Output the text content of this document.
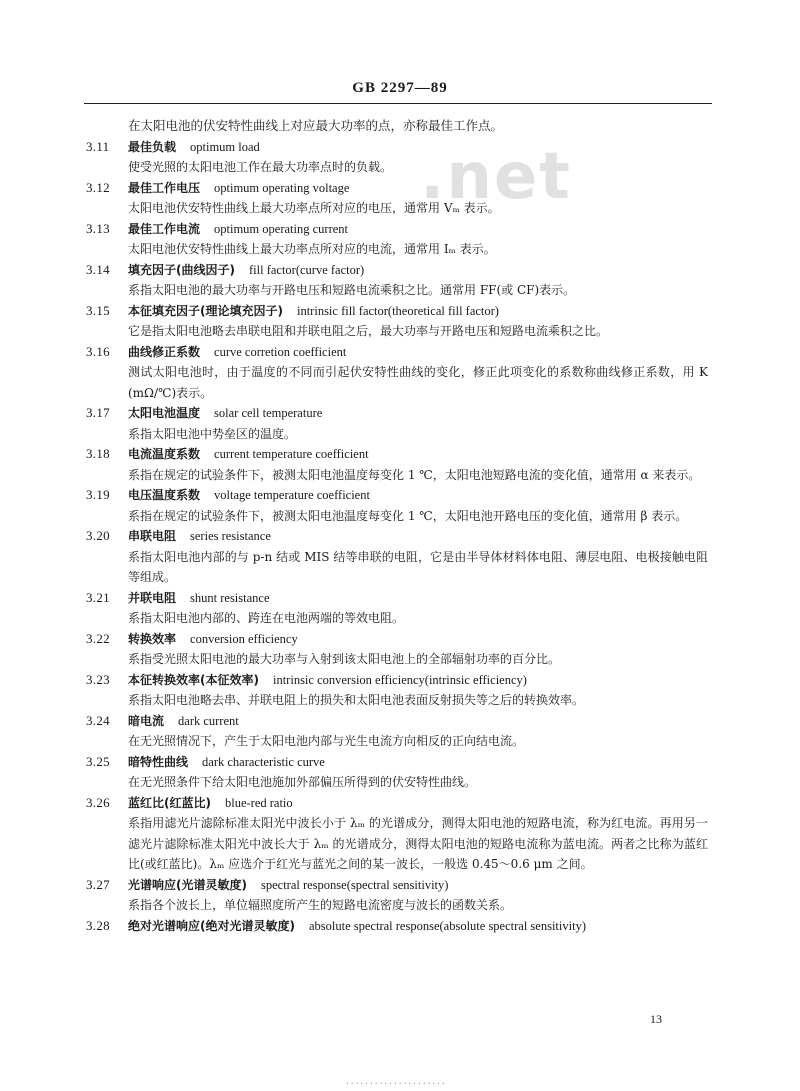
GB 2297—89
.net
在太阳电池的伏安特性曲线上对应最大功率的点，亦称最佳工作点。
3.11	最佳负载 optimum load
使受光照的太阳电池工作在最大功率点时的负载。
3.12	最佳工作电压 optimum operating voltage
太阳电池伏安特性曲线上最大功率点所对应的电压，通常用 Vₘ 表示。
3.13	最佳工作电流 optimum operating current
太阳电池伏安特性曲线上最大功率点所对应的电流，通常用 Iₘ 表示。
3.14	填充因子(曲线因子) fill factor(curve factor)
系指太阳电池的最大功率与开路电压和短路电流乘积之比。通常用 FF(或 CF)表示。
3.15	本征填充因子(理论填充因子) intrinsic fill factor(theoretical fill factor)
它是指太阳电池略去串联电阻和并联电阻之后，最大功率与开路电压和短路电流乘积之比。
3.16	曲线修正系数 curve corretion coefficient
测试太阳电池时，由于温度的不同而引起伏安特性曲线的变化，修正此项变化的系数称曲线修正系数，用 K(mΩ/℃)表示。
3.17	太阳电池温度 solar cell temperature
系指太阳电池中势垒区的温度。
3.18	电流温度系数 current temperature coefficient
系指在规定的试验条件下，被测太阳电池温度每变化 1 ℃，太阳电池短路电流的变化值，通常用 α 来表示。
3.19	电压温度系数 voltage temperature coefficient
系指在规定的试验条件下，被测太阳电池温度每变化 1 ℃，太阳电池开路电压的变化值，通常用 β 表示。
3.20	串联电阻 series resistance
系指太阳电池内部的与 p-n 结或 MIS 结等串联的电阻，它是由半导体材料体电阻、薄层电阻、电极接触电阻等组成。
3.21	并联电阻 shunt resistance
系指太阳电池内部的、跨连在电池两端的等效电阻。
3.22	转换效率 conversion efficiency
系指受光照太阳电池的最大功率与入射到该太阳电池上的全部辐射功率的百分比。
3.23	本征转换效率(本征效率) intrinsic conversion efficiency(intrinsic efficiency)
系指太阳电池略去串、并联电阻上的损失和太阳电池表面反射损失等之后的转换效率。
3.24	暗电流 dark current
在无光照情况下，产生于太阳电池内部与光生电流方向相反的正向结电流。
3.25	暗特性曲线 dark characteristic curve
在无光照条件下给太阳电池施加外部偏压所得到的伏安特性曲线。
3.26	蓝红比(红蓝比) blue-red ratio
系指用滤光片滤除标准太阳光中波长小于 λₘ 的光谱成分，测得太阳电池的短路电流，称为红电流。再用另一滤光片滤除标准太阳光中波长大于 λₘ 的光谱成分，测得太阳电池的短路电流称为蓝电流。两者之比称为蓝红比(或红蓝比)。λₘ 应选介于红光与蓝光之间的某一波长，一般选 0.45～0.6 μm 之间。
3.27	光谱响应(光谱灵敏度) spectral response(spectral sensitivity)
系指各个波长上，单位辐照度所产生的短路电流密度与波长的函数关系。
3.28	绝对光谱响应(绝对光谱灵敏度) absolute spectral response(absolute spectral sensitivity)
13
.....................
